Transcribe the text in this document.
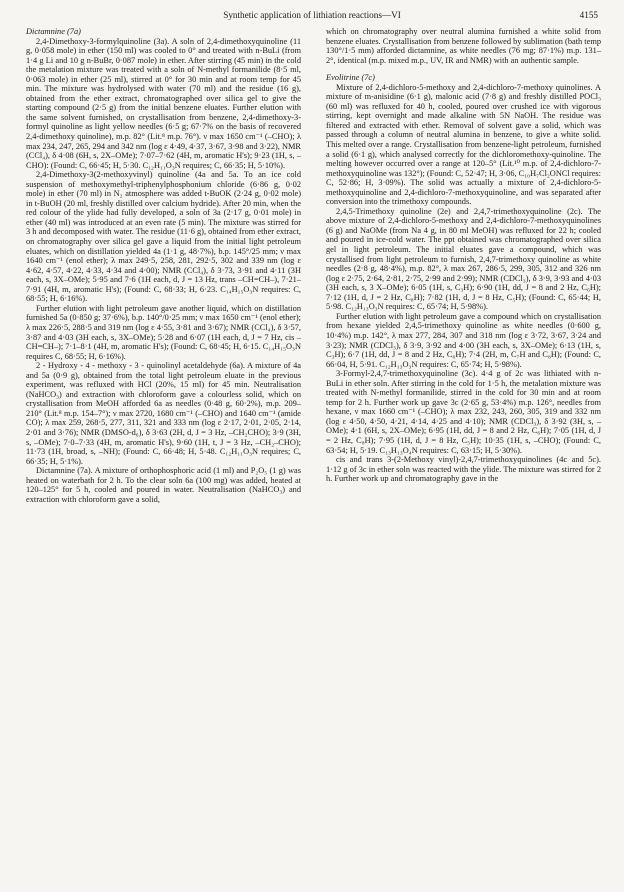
Synthetic application of lithiation reactions—VI	4155

Dictamnine (7a)

2,4-Dimethoxy-3-formylquinoline (3a). A soln of 2,4-dimethoxyquinoline (11 g, 0·058 mole) in ether (150 ml) was cooled to 0° and treated with n-BuLi (from 1·4 g Li and 10 g n-BuBr, 0·087 mole) in ether. After stirring (45 min) in the cold the metalation mixture was treated with a soln of N-methyl formanilide (8·5 ml, 0·063 mole) in ether (25 ml), stirred at 0° for 30 min and at room temp for 45 min. The mixture was hydrolysed with water (70 ml) and the residue (16 g), obtained from the ether extract, chromatographed over silica gel to give the starting compound (2·5 g) from the initial benzene eluates. Further elution with the same solvent furnished, on crystallisation from benzene, 2,4-dimethoxy-3-formyl quinoline as light yellow needles (6·5 g; 67·7% on the basis of recovered 2,4-dimethoxy quinoline), m.p. 82° (Lit.⁸ m.p. 76°). ν max 1650 cm⁻¹ (–CHO); λ max 234, 247, 265, 294 and 342 nm (log ε 4·49, 4·37, 3·67, 3·98 and 3·22), NMR (CCl₄), δ 4·08 (6H, s, 2X–OMe); 7·07–7·62 (4H, m, aromatic H's); 9·23 (1H, s, –CHO): (Found: C, 66·45; H, 5·30. C₁₂H₁₁O₃N requires; C, 66·35; H, 5·10%).

2,4-Dimethoxy-3(2-methoxyvinyl) quinoline (4a and 5a. To an ice cold suspension of methoxymethyl-triphenylphosphonium chloride (6·86 g, 0·02 mole) in ether (70 ml) in N₂ atmosphere was added t-BuOK (2·24 g, 0·02 mole) in t-BuOH (20 ml, freshly distilled over calcium hydride). After 20 min, when the red colour of the ylide had fully developed, a soln of 3a (2·17 g, 0·01 mole) in ether (40 ml) was introduced at an even rate (5 min). The mixture was stirred for 3 h and decomposed with water. The residue (11·6 g), obtained from ether extract, on chromatography over silica gel gave a liquid from the initial light petroleum eluates, which on distillation yielded 4a (1·1 g, 48·7%), b.p. 145°/25 mm; ν max 1640 cm⁻¹ (enol ether); λ max 249·5, 258, 281, 292·5, 302 and 339 nm (log ε 4·62, 4·57, 4·22, 4·33, 4·34 and 4·00); NMR (CCl₄), δ 3·73, 3·91 and 4·11 (3H each, s, 3X–OMe); 5·95 and 7·6 (1H each, d, J = 13 Hz, trans –CH=CH–), 7·21–7·91 (4H, m, aromatic H's); (Found: C, 68·33; H, 6·23. C₁₄H₁₅O₃N requires: C, 68·55; H, 6·16%).

Further elution with light petroleum gave another liquid, which on distillation furnished 5a (0·850 g; 37·6%), b.p. 140°/0·25 mm; ν max 1650 cm⁻¹ (enol ether); λ max 226·5, 288·5 and 319 nm (log ε 4·55, 3·81 and 3·67); NMR (CCl₄), δ 3·57, 3·87 and 4·03 (3H each, s, 3X–OMe); 5·28 and 6·07 (1H each, d, J = 7 Hz, cis –CH=CH–); 7·1–8·1 (4H, m, aromatic H's); (Found: C, 68·45; H, 6·15. C₁₄H₁₅O₃N requires C, 68·55; H, 6·16%).

2 - Hydroxy - 4 - methoxy - 3 - quinolinyl acetaldehyde (6a). A mixture of 4a and 5a (0·9 g), obtained from the total light petroleum eluate in the previous experiment, was refluxed with HCl (20%, 15 ml) for 45 min. Neutralisation (NaHCO₃) and extraction with chloroform gave a colourless solid, which on crystallisation from MeOH afforded 6a as needles (0·48 g, 60·2%), m.p. 209–210° (Lit.⁸ m.p. 154–7°); ν max 2720, 1680 cm⁻¹ (–CHO) and 1640 cm⁻¹ (amide CO); λ max 259, 268·5, 277, 311, 321 and 333 nm (log ε 2·17, 2·01, 2·05, 2·14, 2·01 and 3·76); NMR (DMSO-d₆), δ 3·63 (2H, d, J = 3 Hz, –CH₂CHO); 3·9 (3H, s, –OMe); 7·0–7·33 (4H, m, aromatic H's), 9·60 (1H, t, J = 3 Hz, –CH₂–CHO); 11·73 (1H, broad, s, –NH); (Found: C, 66·48; H, 5·48. C₁₂H₁₁O₃N requires; C, 66·35; H, 5·1%).

Dictamnine (7a). A mixture of orthophosphoric acid (1 ml) and P₂O₅ (1 g) was heated on waterbath for 2 h. To the clear soln 6a (100 mg) was added, heated at 120–125° for 5 h, cooled and poured in water. Neutralisation (NaHCO₃) and extraction with chloroform gave a solid,

which on chromatography over neutral alumina furnished a white solid from benzene eluates. Crystallisation from benzene followed by sublimation (bath temp 130°/1·5 mm) afforded dictamnine, as white needles (76 mg; 87·1%) m.p. 131–2°, identical (m.p. mixed m.p., UV, IR and NMR) with an authentic sample.

Evolitrine (7c)

Mixture of 2,4-dichloro-5-methoxy and 2,4-dichloro-7-methoxy quinolines. A mixture of m-anisidine (6·1 g), malonic acid (7·8 g) and freshly distilled POCl₃ (60 ml) was refluxed for 40 h, cooled, poured over crushed ice with vigorous stirring, kept overnight and made alkaline with 5N NaOH. The residue was filtered and extracted with ether. Removal of solvent gave a solid, which was passed through a column of neutral alumina in benzene, to give a white solid. This melted over a range. Crystallisation from benzene-light petroleum, furnished a solid (6·1 g), which analysed correctly for the dichloromethoxy-quinoline. The melting however occurred over a range at 120–5° (Lit.¹⁰ m.p. of 2,4-dichloro-7-methoxyquinoline was 132°); (Found: C, 52·47; H, 3·06, C₁₀H₇Cl₂ONCl requires: C, 52·86; H, 3·09%). The solid was actually a mixture of 2,4-dichloro-5-methoxyquinoline and 2,4-dichloro-7-methoxyquinoline, and was separated after conversion into the trimethoxy compounds.

2,4,5-Trimethoxy quinoline (2e) and 2,4,7-trimethoxyquinoline (2c). The above mixture of 2,4-dichloro-5-methoxy and 2,4-dichloro-7-methoxyquinolines (6 g) and NaOMe (from Na 4 g, in 80 ml MeOH) was refluxed for 22 h; cooled and poured in ice-cold water. The ppt obtained was chromatographed over silica gel in light petroleum. The initial eluates gave a compound, which was crystallised from light petroleum to furnish, 2,4,7-trimethoxy quinoline as white needles (2·8 g, 48·4%), m.p. 82°, λ max 267, 286·5, 299, 305, 312 and 326 nm (log ε 2·75, 2·64, 2·81, 2·75, 2·99 and 2·99); NMR (CDCl₃), δ 3·9, 3·93 and 4·03 (3H each, s, 3 X–OMe); 6·05 (1H, s, C₃H); 6·90 (1H, dd, J = 8 and 2 Hz, C₆H); 7·12 (1H, d, J = 2 Hz, C₈H); 7·82 (1H, d, J = 8 Hz, C₅H); (Found: C, 65·44; H, 5·98. C₁₂H₁₃O₃N requires: C, 65·74; H, 5·98%).

Further elution with light petroleum gave a compound which on crystallisation from hexane yielded 2,4,5-trimethoxy quinoline as white needles (0·600 g, 10·4%) m.p. 142°, λ max 277, 284, 307 and 318 nm (log ε 3·72, 3·67, 3·24 and 3·23); NMR (CDCl₃), δ 3·9, 3·92 and 4·00 (3H each, s, 3X–OMe); 6·13 (1H, s, C₃H); 6·7 (1H, dd, J = 8 and 2 Hz, C₆H); 7·4 (2H, m, C₇H and C₈H); (Found: C, 66·04, H, 5·91. C₁₂H₁₃O₃N requires: C, 65·74; H, 5·98%).

3-Formyl-2,4,7-trimethoxyquinoline (3c). 4·4 g of 2c was lithiated with n-BuLi in ether soln. After stirring in the cold for 1·5 h, the metalation mixture was treated with N-methyl formanilide, stirred in the cold for 30 min and at room temp for 2 h. Further work up gave 3c (2·65 g, 53·4%) m.p. 126°, needles from hexane, ν max 1660 cm⁻¹ (–CHO); λ max 232, 243, 260, 305, 319 and 332 nm (log ε 4·50, 4·50, 4·21, 4·14, 4·25 and 4·10); NMR (CDCl₃), δ 3·92 (3H, s, –OMe); 4·1 (6H, s, 2X–OMe); 6·95 (1H, dd, J = 8 and 2 Hz, C₆H); 7·05 (1H, d, J = 2 Hz, C₈H); 7·95 (1H, d, J = 8 Hz, C₅H); 10·35 (1H, s, –CHO); (Found: C, 63·54; H, 5·19. C₁₃H₁₃O₄N requires: C, 63·15; H, 5·30%).

cis and trans 3-(2-Methoxy vinyl)-2,4,7-trimethoxyquinolines (4c and 5c). 1·12 g of 3c in ether soln was reacted with the ylide. The mixture was stirred for 2 h. Further work up and chromatography gave in the
